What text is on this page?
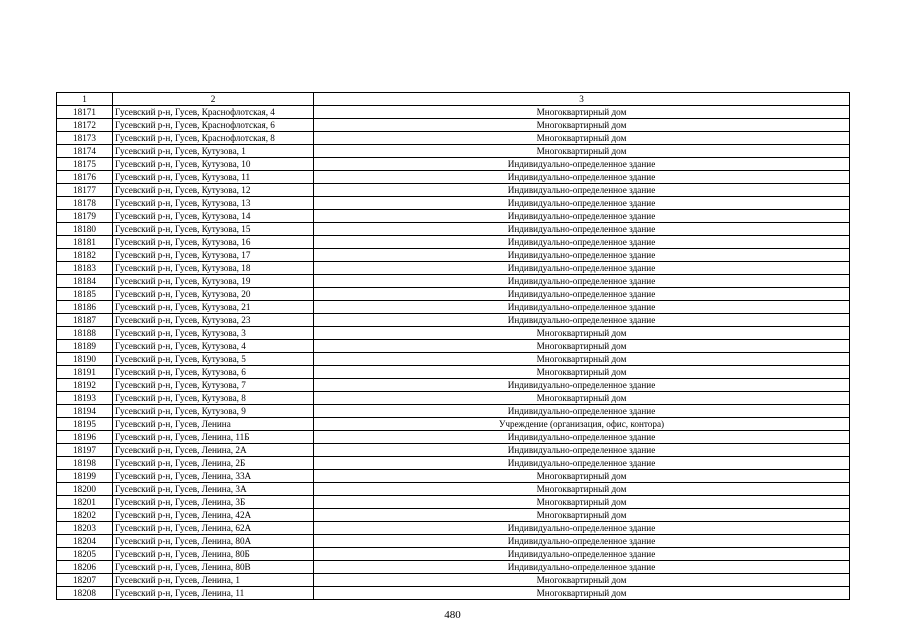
1	2	3
18171	Гусевский р-н, Гусев, Краснофлотская, 4	Многоквартирный дом
18172	Гусевский р-н, Гусев, Краснофлотская, 6	Многоквартирный дом
18173	Гусевский р-н, Гусев, Краснофлотская, 8	Многоквартирный дом
18174	Гусевский р-н, Гусев, Кутузова, 1	Многоквартирный дом
18175	Гусевский р-н, Гусев, Кутузова, 10	Индивидуально-определенное здание
18176	Гусевский р-н, Гусев, Кутузова, 11	Индивидуально-определенное здание
18177	Гусевский р-н, Гусев, Кутузова, 12	Индивидуально-определенное здание
18178	Гусевский р-н, Гусев, Кутузова, 13	Индивидуально-определенное здание
18179	Гусевский р-н, Гусев, Кутузова, 14	Индивидуально-определенное здание
18180	Гусевский р-н, Гусев, Кутузова, 15	Индивидуально-определенное здание
18181	Гусевский р-н, Гусев, Кутузова, 16	Индивидуально-определенное здание
18182	Гусевский р-н, Гусев, Кутузова, 17	Индивидуально-определенное здание
18183	Гусевский р-н, Гусев, Кутузова, 18	Индивидуально-определенное здание
18184	Гусевский р-н, Гусев, Кутузова, 19	Индивидуально-определенное здание
18185	Гусевский р-н, Гусев, Кутузова, 20	Индивидуально-определенное здание
18186	Гусевский р-н, Гусев, Кутузова, 21	Индивидуально-определенное здание
18187	Гусевский р-н, Гусев, Кутузова, 23	Индивидуально-определенное здание
18188	Гусевский р-н, Гусев, Кутузова, 3	Многоквартирный дом
18189	Гусевский р-н, Гусев, Кутузова, 4	Многоквартирный дом
18190	Гусевский р-н, Гусев, Кутузова, 5	Многоквартирный дом
18191	Гусевский р-н, Гусев, Кутузова, 6	Многоквартирный дом
18192	Гусевский р-н, Гусев, Кутузова, 7	Индивидуально-определенное здание
18193	Гусевский р-н, Гусев, Кутузова, 8	Многоквартирный дом
18194	Гусевский р-н, Гусев, Кутузова, 9	Индивидуально-определенное здание
18195	Гусевский р-н, Гусев, Ленина	Учреждение (организация, офис, контора)
18196	Гусевский р-н, Гусев, Ленина, 11Б	Индивидуально-определенное здание
18197	Гусевский р-н, Гусев, Ленина, 2А	Индивидуально-определенное здание
18198	Гусевский р-н, Гусев, Ленина, 2Б	Индивидуально-определенное здание
18199	Гусевский р-н, Гусев, Ленина, 33А	Многоквартирный дом
18200	Гусевский р-н, Гусев, Ленина, 3А	Многоквартирный дом
18201	Гусевский р-н, Гусев, Ленина, 3Б	Многоквартирный дом
18202	Гусевский р-н, Гусев, Ленина, 42А	Многоквартирный дом
18203	Гусевский р-н, Гусев, Ленина, 62А	Индивидуально-определенное здание
18204	Гусевский р-н, Гусев, Ленина, 80А	Индивидуально-определенное здание
18205	Гусевский р-н, Гусев, Ленина, 80Б	Индивидуально-определенное здание
18206	Гусевский р-н, Гусев, Ленина, 80В	Индивидуально-определенное здание
18207	Гусевский р-н, Гусев, Ленина, 1	Многоквартирный дом
18208	Гусевский р-н, Гусев, Ленина, 11	Многоквартирный дом
480
